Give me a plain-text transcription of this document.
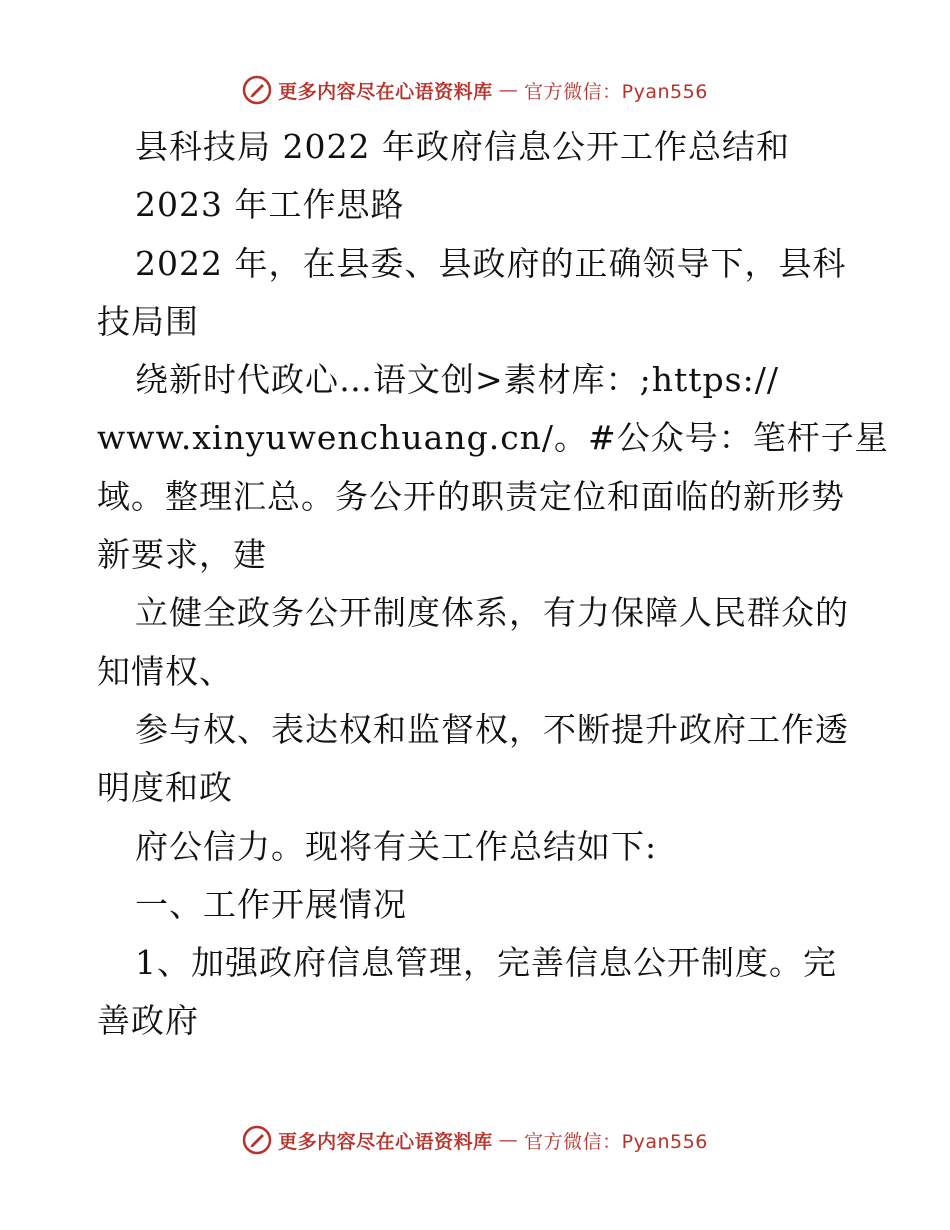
更多内容尽在心语资料库 — 官方微信：Pyan556
县科技局 2022 年政府信息公开工作总结和
2023 年工作思路
2022 年，在县委、县政府的正确领导下，县科
技局围
绕新时代政心…语文创>素材库：;https://
www.xinyuwenchuang.cn/。#公众号：笔杆子星
域。整理汇总。务公开的职责定位和面临的新形势
新要求，建
立健全政务公开制度体系，有力保障人民群众的
知情权、
参与权、表达权和监督权，不断提升政府工作透
明度和政
府公信力。现将有关工作总结如下:
一、工作开展情况
1、加强政府信息管理，完善信息公开制度。完
善政府
更多内容尽在心语资料库 — 官方微信：Pyan556
